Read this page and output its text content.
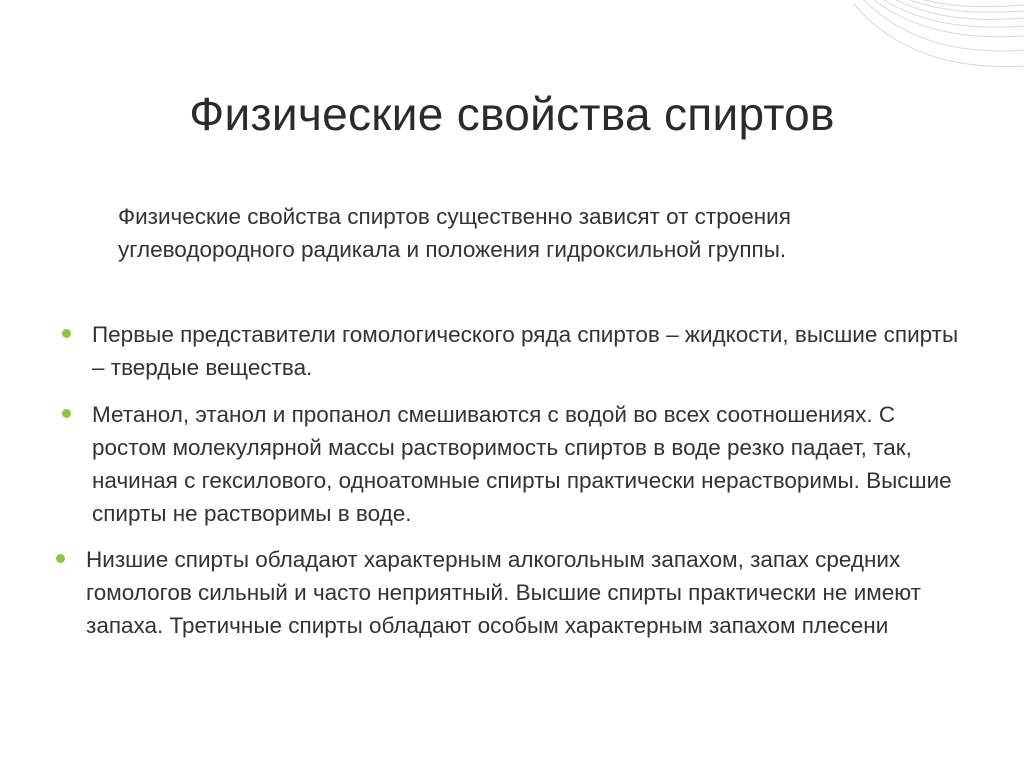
Физические свойства спиртов
Физические свойства спиртов существенно зависят от строения углеводородного радикала и положения гидроксильной группы.
Первые представители гомологического ряда спиртов – жидкости, высшие спирты – твердые вещества.
Метанол, этанол и пропанол смешиваются с водой во всех соотношениях. С ростом молекулярной массы растворимость спиртов в воде резко падает, так, начиная с гексилового, одноатомные спирты практически нерастворимы. Высшие спирты не растворимы в воде.
Низшие спирты обладают характерным алкогольным запахом, запах средних гомологов сильный и часто неприятный. Высшие спирты практически не имеют запаха. Третичные спирты обладают особым характерным запахом плесени
